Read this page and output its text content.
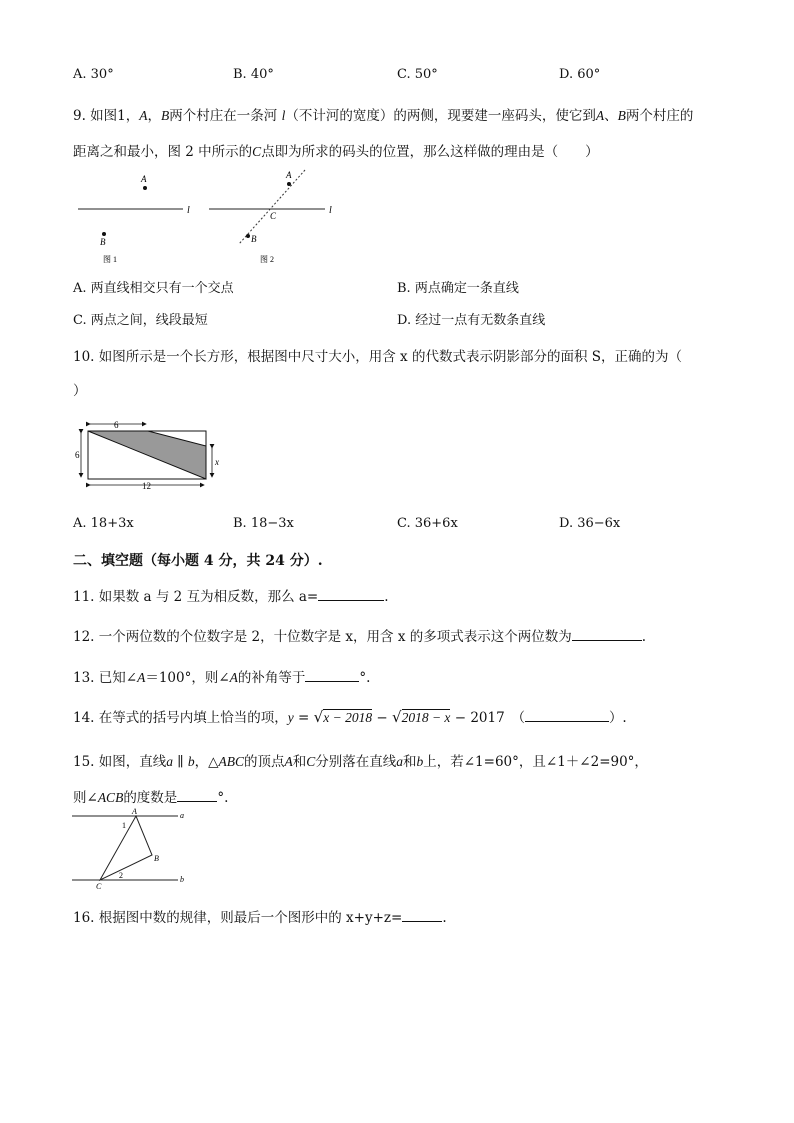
A. 30°	B. 40°	C. 50°	D. 60°
9. 如图1，A，B两个村庄在一条河 l（不计河的宽度）的两侧，现要建一座码头，使它到A、B两个村庄的
距离之和最小，图 2 中所示的C点即为所求的码头的位置，那么这样做的理由是（　　）
l
A
B
图 1
l
A
B
C
图 2
A. 两直线相交只有一个交点	B. 两点确定一条直线
C. 两点之间，线段最短	D. 经过一点有无数条直线
10. 如图所示是一个长方形，根据图中尺寸大小，用含 x 的代数式表示阴影部分的面积 S，正确的为（
）
6
6
x
12
A. 18+3x	B. 18−3x	C. 36+6x	D. 36−6x
二、填空题（每小题 4 分，共 24 分）.
11. 如果数 a 与 2 互为相反数，那么 a=	.
12. 一个两位数的个位数字是 2，十位数字是 x，用含 x 的多项式表示这个两位数为	.
13. 已知∠A＝100°，则∠A的补角等于	°.
14. 在等式的括号内填上恰当的项，y = √x − 2018 − √2018 − x − 2017　 （	）.
15. 如图，直线a ∥ b，△ABC的顶点A和C分别落在直线a和b上，若∠1=60°，且∠1＋∠2=90°，
则∠ACB的度数是	°.
a
b
A
B
C
1
2
16. 根据图中数的规律，则最后一个图形中的 x+y+z=	.
